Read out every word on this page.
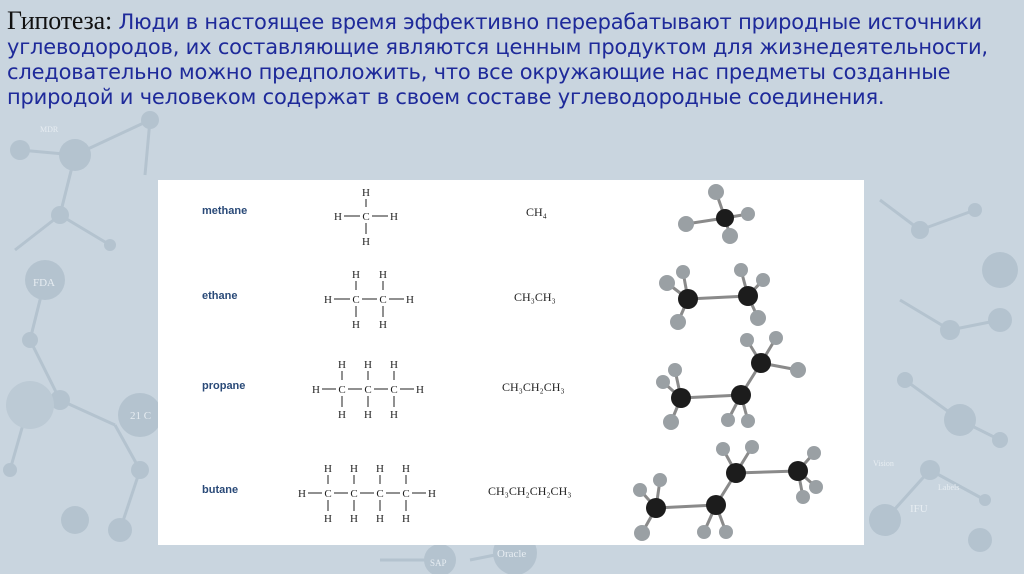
MDR
FDA
21 C
Vision
Labels
IFU
SAP
Oracle
Гипотеза: Люди в настоящее время эффективно перерабатывают природные источники углеводородов, их составляющие являются ценным продуктом для жизнедеятельности, следовательно можно предположить, что все окружающие нас предметы созданные природой и человеком содержат в своем составе углеводородные соединения.
methane
H
H C H
H
CH₄
ethane
H H
H C C H
H H
CH₃CH₃
propane
H H H
H C C C H
H H H
CH₃CH₂CH₃
butane
H H H H
H C C C C H
H H H H
CH₃CH₂CH₂CH₃
